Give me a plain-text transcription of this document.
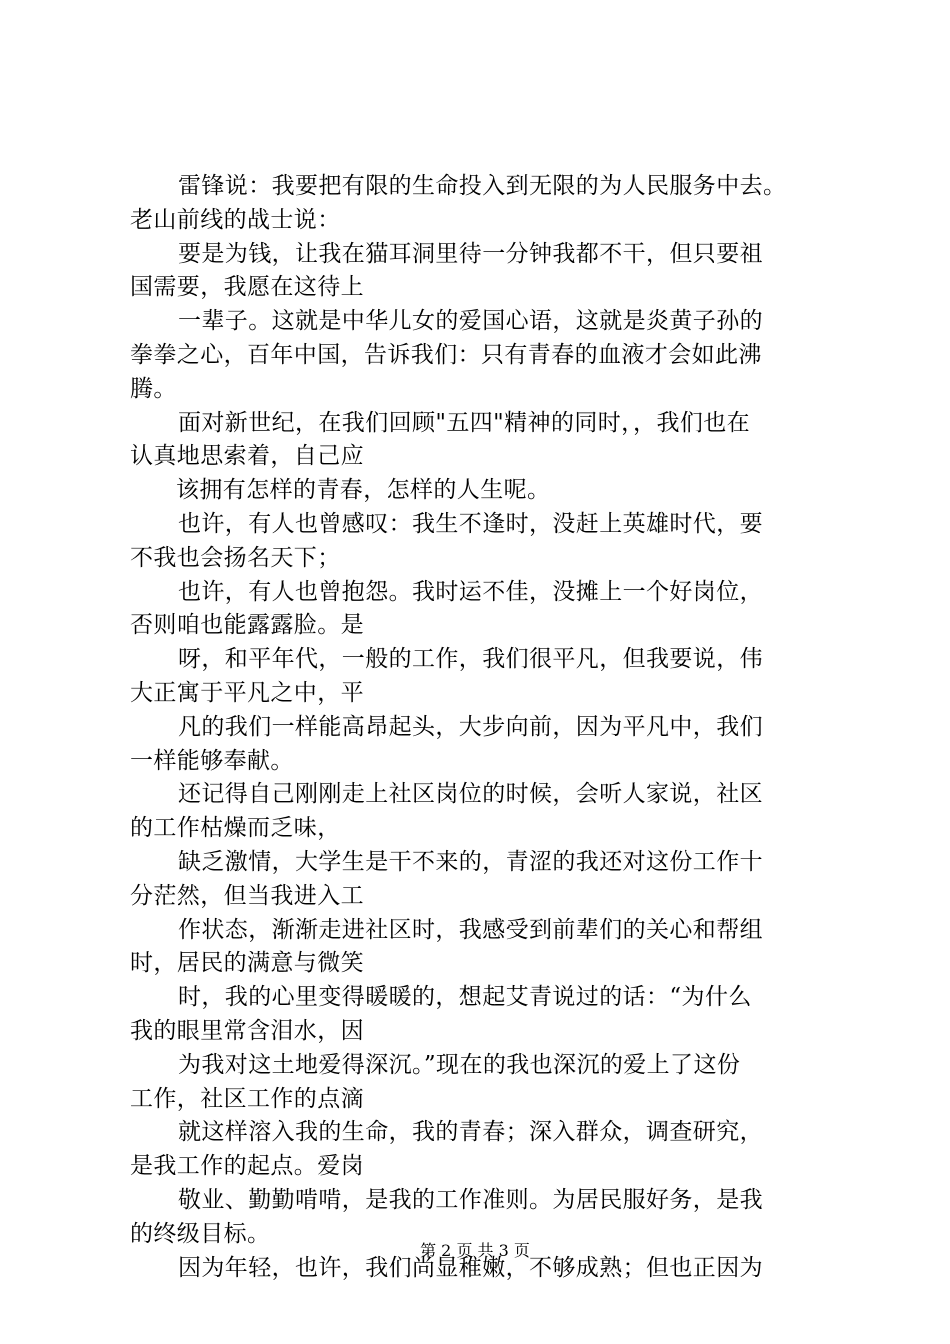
雷锋说：我要把有限的生命投入到无限的为人民服务中去。
老山前线的战士说：
要是为钱，让我在猫耳洞里待一分钟我都不干，但只要祖
国需要，我愿在这待上
一辈子。这就是中华儿女的爱国心语，这就是炎黄子孙的
拳拳之心，百年中国，告诉我们：只有青春的血液才会如此沸
腾。
面对新世纪，在我们回顾"五四"精神的同时，，我们也在
认真地思索着，自己应
该拥有怎样的青春，怎样的人生呢。
也许，有人也曾感叹：我生不逢时，没赶上英雄时代，要
不我也会扬名天下；
也许，有人也曾抱怨。我时运不佳，没摊上一个好岗位，
否则咱也能露露脸。是
呀，和平年代，一般的工作，我们很平凡，但我要说，伟
大正寓于平凡之中，平
凡的我们一样能高昂起头，大步向前，因为平凡中，我们
一样能够奉献。
还记得自己刚刚走上社区岗位的时候，会听人家说，社区
的工作枯燥而乏味，
缺乏激情，大学生是干不来的，青涩的我还对这份工作十
分茫然，但当我进入工
作状态，渐渐走进社区时，我感受到前辈们的关心和帮组
时，居民的满意与微笑
时，我的心里变得暖暖的，想起艾青说过的话：“为什么
我的眼里常含泪水，因
为我对这土地爱得深沉。”现在的我也深沉的爱上了这份
工作，社区工作的点滴
就这样溶入我的生命，我的青春；深入群众，调查研究，
是我工作的起点。爱岗
敬业、勤勤啃啃，是我的工作准则。为居民服好务，是我
的终级目标。
因为年轻，也许，我们尚显稚嫩，不够成熟；但也正因为
第 2 页 共 3 页
